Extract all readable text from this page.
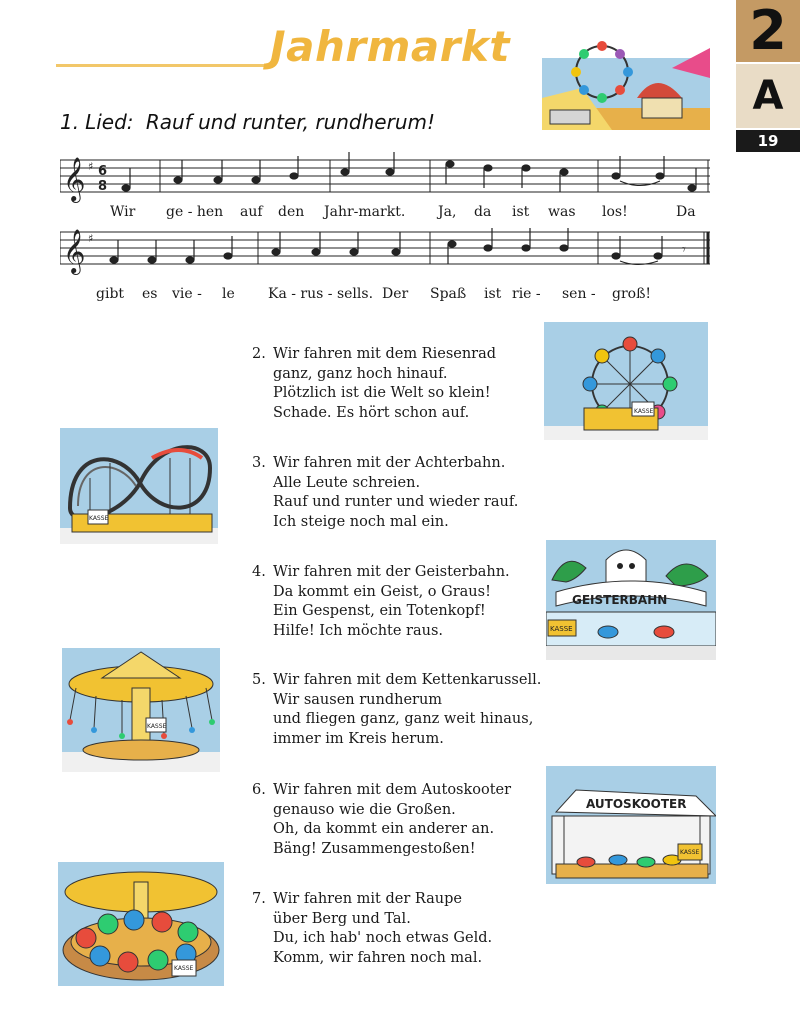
Jahrmarkt	2
A
19
1. Lied: Rauf und runter, rundherum!
𝄞 ♯ 6
8
Wir ge - hen auf den Jahr-markt. Ja, da ist was los!	Da
𝄞 ♯
𝄾
gibt es vie - le Ka - rus - sells. Der Spaß ist rie - sen - groß!
2. Wir fahren mit dem Riesenrad
ganz, ganz hoch hinauf.
Plötzlich ist die Welt so klein!
Schade. Es hört schon auf.
3. Wir fahren mit der Achterbahn.
Alle Leute schreien.
Rauf und runter und wieder rauf.
Ich steige noch mal ein.
4. Wir fahren mit der Geisterbahn.
Da kommt ein Geist, o Graus!
Ein Gespenst, ein Totenkopf!
Hilfe! Ich möchte raus.
5. Wir fahren mit dem Kettenkarussell.
Wir sausen rundherum
und fliegen ganz, ganz weit hinaus,
immer im Kreis herum.
6. Wir fahren mit dem Autoskooter
genauso wie die Großen.
Oh, da kommt ein anderer an.
Bäng! Zusammengestoßen!
7. Wir fahren mit der Raupe
über Berg und Tal.
Du, ich hab' noch etwas Geld.
Komm, wir fahren noch mal.
KASSE
KASSE
GEISTERBAHN
KASSE
KASSE
AUTOSKOOTER
KASSE
KASSE
